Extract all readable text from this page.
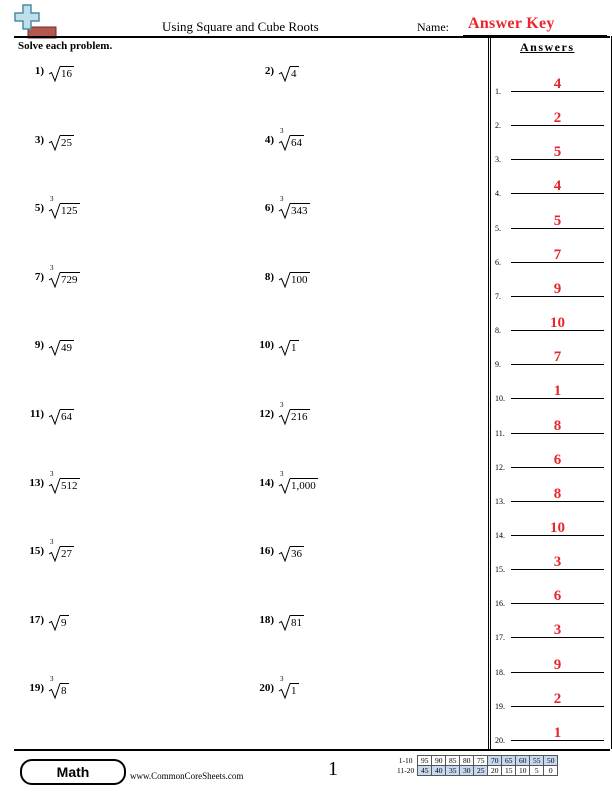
Using Square and Cube Roots	Name: Answer Key
Solve each problem.	Answers
1.	4
2.	2
3.	5
4.	4
5.	5
6.	7
7.	9
8.	10
9.	7
10.	1
11.	8
12.	6
13.	8
14.	10
15.	3
16.	6
17.	3
18.	9
19.	2
20.	1
1) 16	2) 4
3) 25	4)
3
64
5)
3
125	6)
3
343
7)
3
729	8) 100
9) 49	10) 1
11) 64	12)
3
216
13)
3
512	14)
3
1,000
15)
3
27	16) 36
17) 9	18) 81
19)
3
8	20)
3
1
Math	www.CommonCoreSheets.com	1	1-10	95	90	85	80	75	70	65	60	55	50
11-20	45	40	35	30	25	20	15	10	5	0
